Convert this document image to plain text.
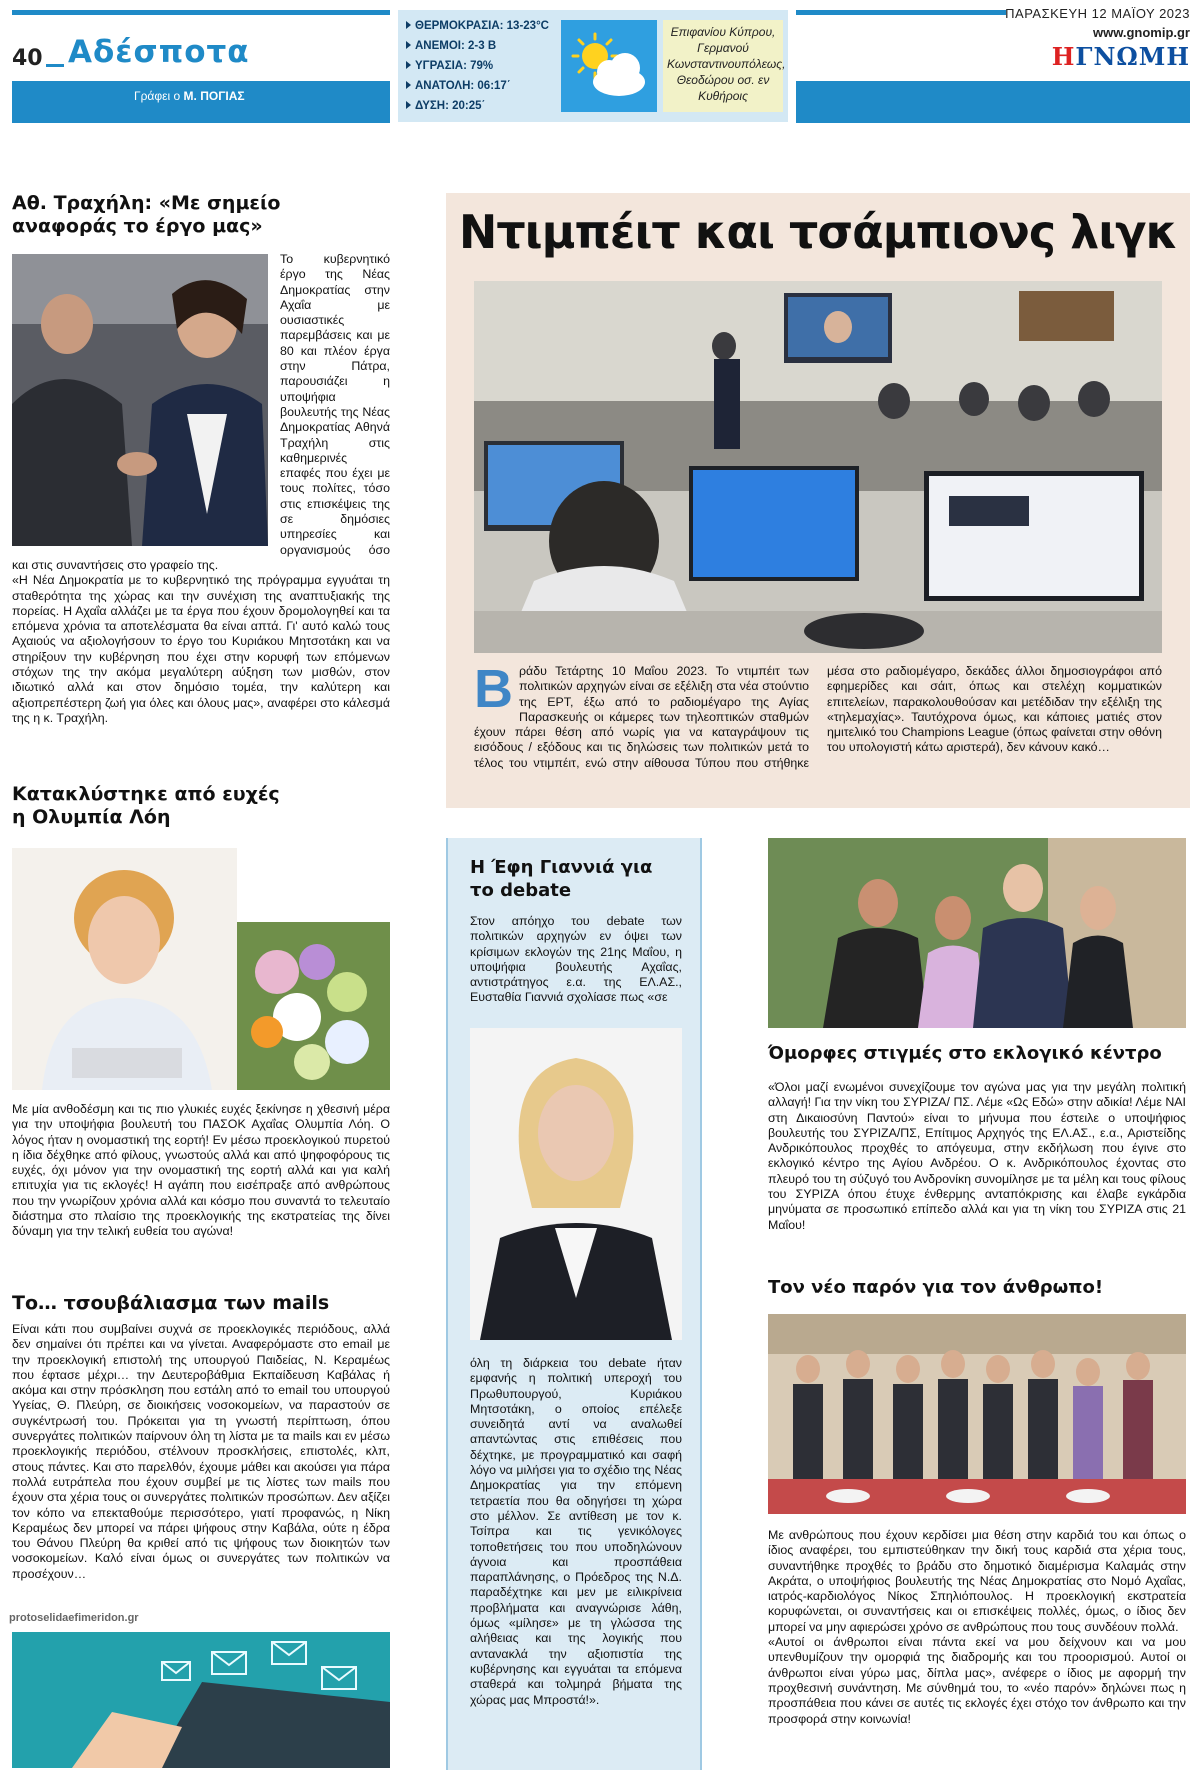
40 Αδέσποτα
Γράφει ο Μ. ΠΟΓΙΑΣ
ΘΕΡΜΟΚΡΑΣΙΑ: 13-23°C
ΑΝΕΜΟΙ: 2-3 Β
ΥΓΡΑΣΙΑ: 79%
ΑΝΑΤΟΛΗ: 06:17΄
ΔΥΣΗ: 20:25΄
Επιφανίου Κύπρου, Γερμανού Κωνσταντινουπόλεως, Θεοδώρου οσ. εν Κυθήροις
ΠΑΡΑΣΚΕΥΗ 12 ΜΑΪΟΥ 2023
www.gnomip.gr
ΗΓΝΩΜΗ
Αθ. Τραχήλη: «Με σημείο αναφοράς το έργο μας»

Το κυβερνητικό έργο της Νέας Δημοκρατίας στην Αχαΐα με ουσιαστικές παρεμβάσεις και με 80 και πλέον έργα στην Πάτρα, παρουσιάζει η υποψήφια βουλευτής της Νέας Δημοκρατίας Αθηνά Τραχήλη στις καθημερινές επαφές που έχει με τους πολίτες, τόσο στις επισκέψεις της σε δημόσιες υπηρεσίες και οργανισμούς όσο και στις συναντήσεις στο γραφείο της.

«Η Νέα Δημοκρατία με το κυβερνητικό της πρόγραμμα εγγυάται τη σταθερότητα της χώρας και την συνέχιση της αναπτυξιακής της πορείας. Η Αχαΐα αλλάζει με τα έργα που έχουν δρομολογηθεί και τα επόμενα χρόνια τα αποτελέσματα θα είναι απτά. Γι' αυτό καλώ τους Αχαιούς να αξιολογήσουν το έργο του Κυριάκου Μητσοτάκη και να στηρίξουν την κυβέρνηση που έχει στην κορυφή των επόμενων στόχων της την ακόμα μεγαλύτερη αύξηση των μισθών, στον ιδιωτικό αλλά και στον δημόσιο τομέα, την καλύτερη και αξιοπρεπέστερη ζωή για όλες και όλους μας», αναφέρει στο κάλεσμά της η κ. Τραχήλη.

Κατακλύστηκε από ευχές η Ολυμπία Λόη
Με μία ανθοδέσμη και τις πιο γλυκιές ευχές ξεκίνησε η χθεσινή μέρα για την υποψήφια βουλευτή του ΠΑΣΟΚ Αχαΐας Ολυμπία Λόη. Ο λόγος ήταν η ονομαστική της εορτή! Εν μέσω προεκλογικού πυρετού η ίδια δέχθηκε από φίλους, γνωστούς αλλά και από ψηφοφόρους τις ευχές, όχι μόνον για την ονομαστική της εορτή αλλά και για καλή επιτυχία για τις εκλογές! Η αγάπη που εισέπραξε από ανθρώπους που την γνωρίζουν χρόνια αλλά και κόσμο που συναντά το τελευταίο διάστημα στο πλαίσιο της προεκλογικής της εκστρατείας της δίνει δύναμη για την τελική ευθεία του αγώνα!
Το… τσουβάλιασμα των mails
Είναι κάτι που συμβαίνει συχνά σε προεκλογικές περιόδους, αλλά δεν σημαίνει ότι πρέπει και να γίνεται. Αναφερόμαστε στο email με την προεκλογική επιστολή της υπουργού Παιδείας, Ν. Κεραμέως που έφτασε μέχρι… την Δευτεροβάθμια Εκπαίδευση Καβάλας ή ακόμα και στην πρόσκληση που εστάλη από το email του υπουργού Υγείας, Θ. Πλεύρη, σε διοικήσεις νοσοκομείων, να παραστούν σε συγκέντρωσή του. Πρόκειται για τη γνωστή περίπτωση, όπου συνεργάτες πολιτικών παίρνουν όλη τη λίστα με τα mails και εν μέσω προεκλογικής περιόδου, στέλνουν προσκλήσεις, επιστολές, κλπ, στους πάντες. Και στο παρελθόν, έχουμε μάθει και ακούσει για πάρα πολλά ευτράπελα που έχουν συμβεί με τις λίστες των mails που έχουν στα χέρια τους οι συνεργάτες πολιτικών προσώπων. Δεν αξίζει τον κόπο να επεκταθούμε περισσότερο, γιατί προφανώς, η Νίκη Κεραμέως δεν μπορεί να πάρει ψήφους στην Καβάλα, ούτε η έδρα του Θάνου Πλεύρη θα κριθεί από τις ψήφους των διοικητών των νοσοκομείων. Καλό είναι όμως οι συνεργάτες των πολιτικών να προσέχουν…
protoselidaefimeridon.gr
Ντιμπέιτ και τσάμπιονς λιγκ
Β ράδυ Τετάρτης 10 Μαΐου 2023. Το ντιμπέιτ των πολιτικών αρχηγών είναι σε εξέλιξη στα νέα στούντιο της ΕΡΤ, έξω από το ραδιομέγαρο της Αγίας Παρασκευής οι κάμερες των τηλεοπτικών σταθμών έχουν πάρει θέση από νωρίς για να καταγράψουν τις εισόδους / εξόδους και τις δηλώσεις των πολιτικών μετά το τέλος του ντιμπέιτ, ενώ στην αίθουσα Τύπου που στήθηκε μέσα στο ραδιομέγαρο, δεκάδες άλλοι δημοσιογράφοι από εφημερίδες και σάιτ, όπως και στελέχη κομματικών επιτελείων, παρακολουθούσαν και μετέδιδαν την εξέλιξη της «τηλεμαχίας». Ταυτόχρονα όμως, και κάποιες ματιές στον ημιτελικό του Champions League (όπως φαίνεται στην οθόνη του υπολογιστή κάτω αριστερά), δεν κάνουν κακό…
Η Έφη Γιαννιά για το debate
Στον απόηχο του debate των πολιτικών αρχηγών εν όψει των κρίσιμων εκλογών της 21ης Μαΐου, η υποψήφια βουλευτής Αχαΐας, αντιστράτηγος ε.α. της ΕΛ.ΑΣ., Ευσταθία Γιαννιά σχολίασε πως «σε
όλη τη διάρκεια του debate ήταν εμφανής η πολιτική υπεροχή του Πρωθυπουργού, Κυριάκου Μητσοτάκη, ο οποίος επέλεξε συνειδητά αντί να αναλωθεί απαντώντας στις επιθέσεις που δέχτηκε, με προγραμματικό και σαφή λόγο να μιλήσει για το σχέδιο της Νέας Δημοκρατίας για την επόμενη τετραετία που θα οδηγήσει τη χώρα στο μέλλον. Σε αντίθεση με τον κ. Τσίπρα και τις γενικόλογες τοποθετήσεις του που υποδηλώνουν άγνοια και προσπάθεια παραπλάνησης, ο Πρόεδρος της Ν.Δ. παραδέχτηκε και μεν με ειλικρίνεια προβλήματα και αναγνώρισε λάθη, όμως «μίλησε» με τη γλώσσα της αλήθειας και της λογικής που αντανακλά την αξιοπιστία της κυβέρνησης και εγγυάται τα επόμενα σταθερά και τολμηρά βήματα της χώρας μας Μπροστά!».
Όμορφες στιγμές στο εκλογικό κέντρο
«Όλοι μαζί ενωμένοι συνεχίζουμε τον αγώνα μας για την μεγάλη πολιτική αλλαγή! Για την νίκη του ΣΥΡΙΖΑ/ ΠΣ. Λέμε «Ως Εδώ» στην αδικία! Λέμε ΝΑΙ στη Δικαιοσύνη Παντού» είναι το μήνυμα που έστειλε ο υποψήφιος βουλευτής του ΣΥΡΙΖΑ/ΠΣ, Επίτιμος Αρχηγός της ΕΛ.ΑΣ., ε.α., Αριστείδης Ανδρικόπουλος προχθές το απόγευμα, στην εκδήλωση που έγινε στο εκλογικό κέντρο της Αγίου Ανδρέου. Ο κ. Ανδρικόπουλος έχοντας στο πλευρό του τη σύζυγό του Ανδρονίκη συνομίλησε με τα μέλη και τους φίλους του ΣΥΡΙΖΑ όπου έτυχε ένθερμης ανταπόκρισης και έλαβε εγκάρδια μηνύματα σε προσωπικό επίπεδο αλλά και για τη νίκη του ΣΥΡΙΖΑ στις 21 Μαΐου!
Τον νέο παρόν για τον άνθρωπο!

Με ανθρώπους που έχουν κερδίσει μια θέση στην καρδιά του και όπως ο ίδιος αναφέρει, του εμπιστεύθηκαν την δική τους καρδιά στα χέρια τους, συναντήθηκε προχθές το βράδυ στο δημοτικό διαμέρισμα Καλαμάς στην Ακράτα, ο υποψήφιος βουλευτής της Νέας Δημοκρατίας στο Νομό Αχαΐας, ιατρός-καρδιολόγος Νίκος Σπηλιόπουλος. Η προεκλογική εκστρατεία κορυφώνεται, οι συναντήσεις και οι επισκέψεις πολλές, όμως, ο ίδιος δεν μπορεί να μην αφιερώσει χρόνο σε ανθρώπους που τους συνδέουν πολλά.

«Αυτοί οι άνθρωποι είναι πάντα εκεί να μου δείχνουν και να μου υπενθυμίζουν την ομορφιά της διαδρομής και του προορισμού. Αυτοί οι άνθρωποι είναι γύρω μας, δίπλα μας», ανέφερε ο ίδιος με αφορμή την προχθεσινή συνάντηση. Με σύνθημά του, το «νέο παρόν» δηλώνει πως η προσπάθεια που κάνει σε αυτές τις εκλογές έχει στόχο τον άνθρωπο και την προσφορά στην κοινωνία!
